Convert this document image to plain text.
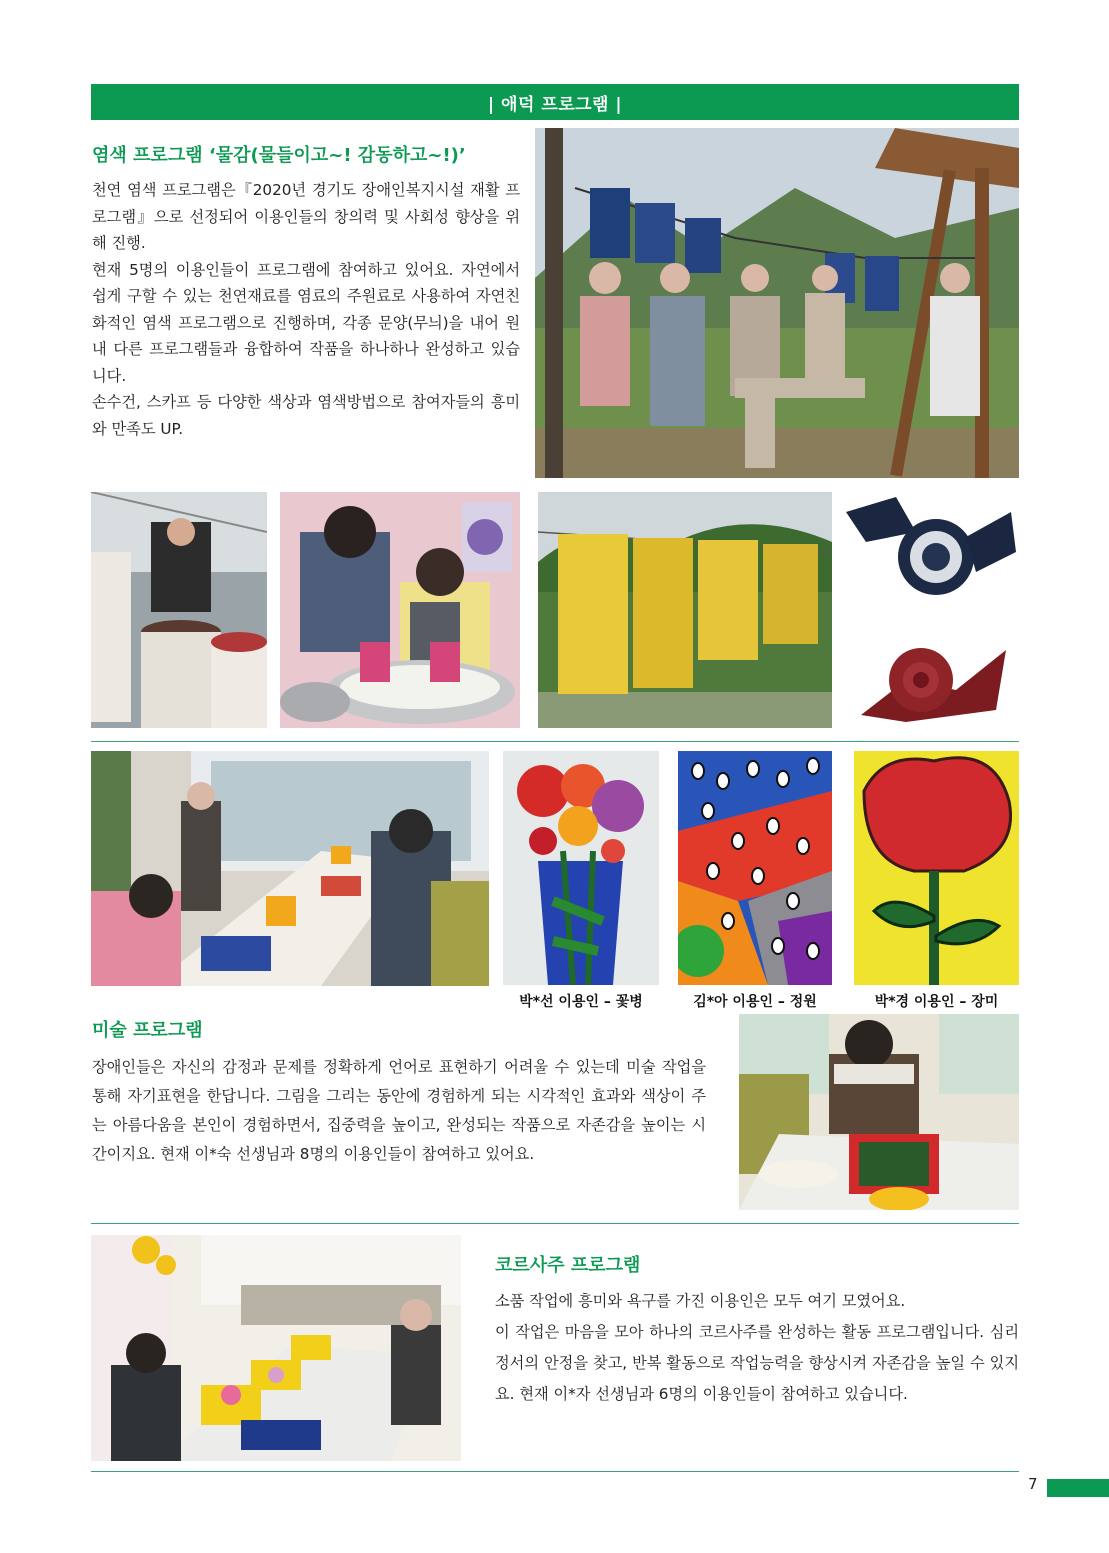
| 애덕 프로그램 |
염색 프로그램 ‘물감(물들이고~! 감동하고~!)’

천연 염색 프로그램은『2020년 경기도 장애인복지시설 재활 프로그램』으로 선정되어 이용인들의 창의력 및 사회성 향상을 위해 진행.

현재 5명의 이용인들이 프로그램에 참여하고 있어요. 자연에서 쉽게 구할 수 있는 천연재료를 염료의 주원료로 사용하여 자연친화적인 염색 프로그램으로 진행하며, 각종 문양(무늬)을 내어 원내 다른 프로그램들과 융합하여 작품을 하나하나 완성하고 있습니다.

손수건, 스카프 등 다양한 색상과 염색방법으로 참여자들의 흥미와 만족도 UP.

박*선 이용인 – 꽃병	김*아 이용인 – 정원	박*경 이용인 – 장미
미술 프로그램

장애인들은 자신의 감정과 문제를 정확하게 언어로 표현하기 어려울 수 있는데 미술 작업을 통해 자기표현을 한답니다. 그림을 그리는 동안에 경험하게 되는 시각적인 효과와 색상이 주는 아름다움을 본인이 경험하면서, 집중력을 높이고, 완성되는 작품으로 자존감을 높이는 시간이지요. 현재 이*숙 선생님과 8명의 이용인들이 참여하고 있어요.

코르사주 프로그램

소품 작업에 흥미와 욕구를 가진 이용인은 모두 여기 모였어요.

이 작업은 마음을 모아 하나의 코르사주를 완성하는 활동 프로그램입니다. 심리정서의 안정을 찾고, 반복 활동으로 작업능력을 향상시켜 자존감을 높일 수 있지요. 현재 이*자 선생님과 6명의 이용인들이 참여하고 있습니다.

7
